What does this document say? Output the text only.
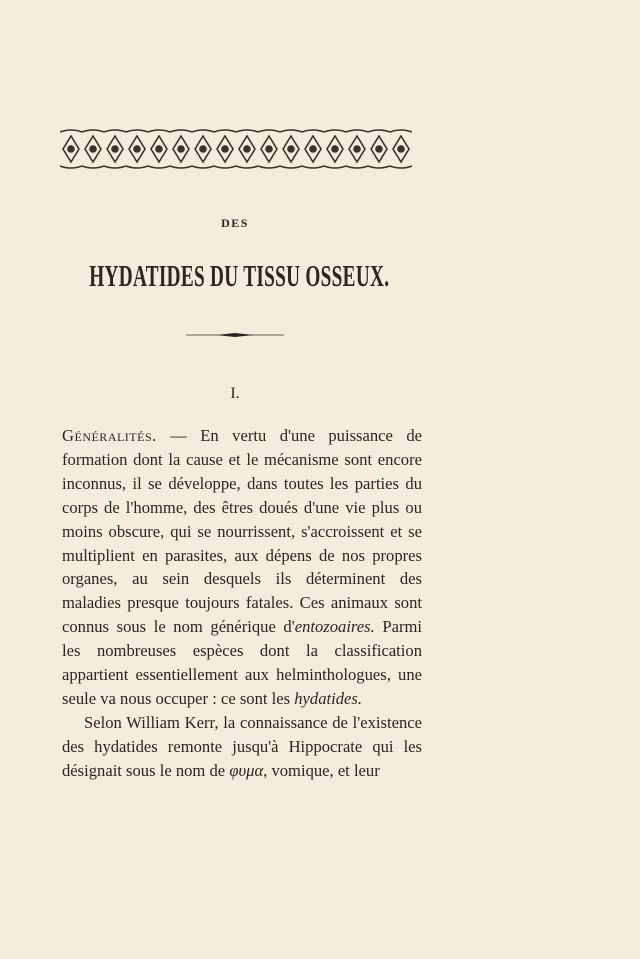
DES
HYDATIDES DU TISSU OSSEUX.
I.

Généralités. — En vertu d'une puissance de formation dont la cause et le mécanisme sont encore inconnus, il se développe, dans toutes les parties du corps de l'homme, des êtres doués d'une vie plus ou moins obscure, qui se nourrissent, s'accroissent et se multiplient en parasites, aux dépens de nos propres organes, au sein desquels ils déterminent des maladies presque toujours fatales. Ces animaux sont connus sous le nom générique d'entozoaires. Parmi les nombreuses espèces dont la classification appartient essentiellement aux helminthologues, une seule va nous occuper : ce sont les hydatides.

Selon William Kerr, la connaissance de l'existence des hydatides remonte jusqu'à Hippocrate qui les désignait sous le nom de φυμα, vomique, et leur
